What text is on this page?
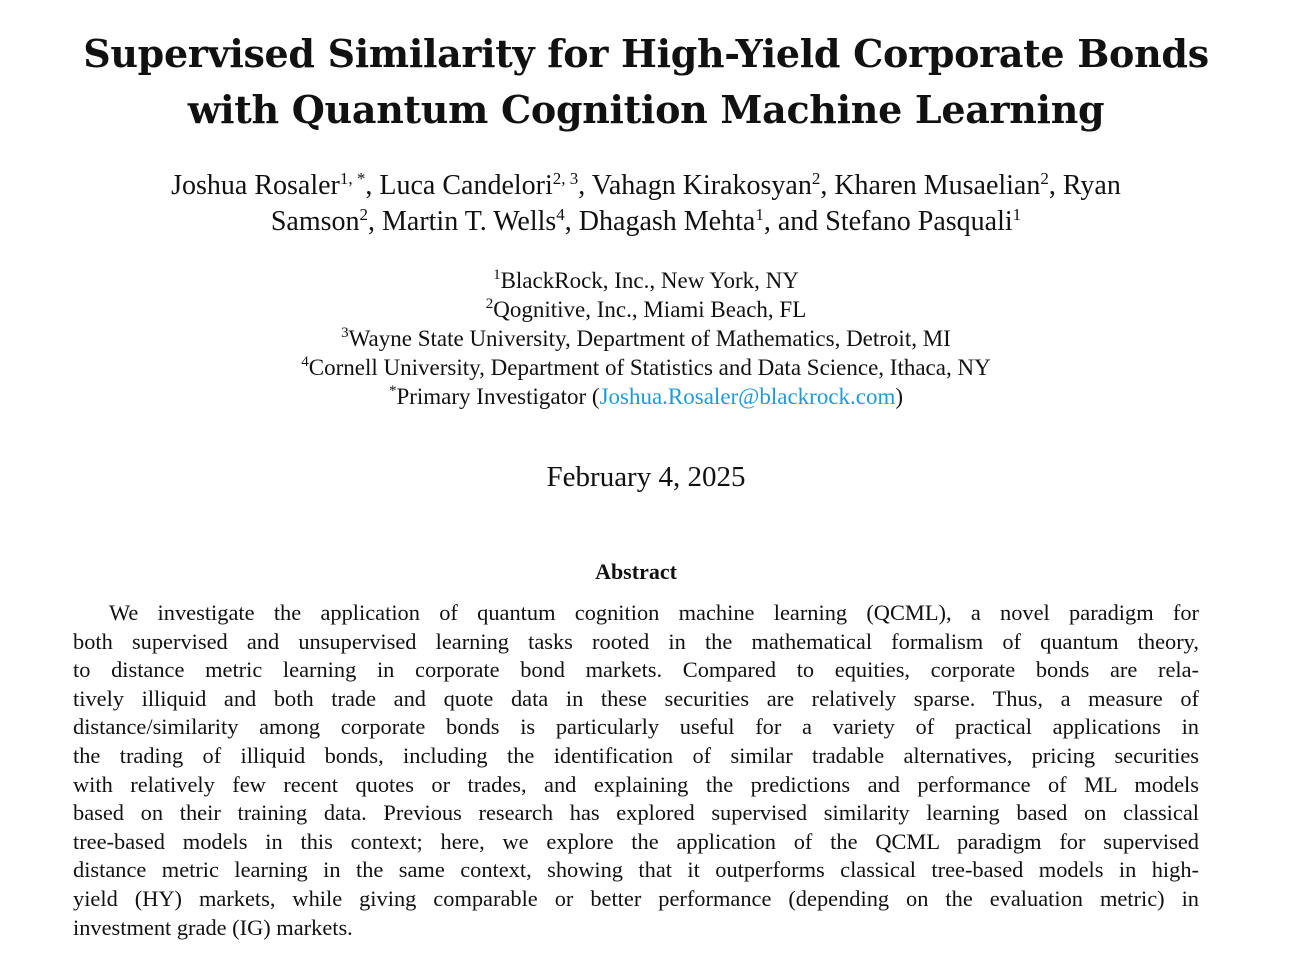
Supervised Similarity for High-Yield Corporate Bonds
with Quantum Cognition Machine Learning
Joshua Rosaler$^{1, *}$, Luca Candelori$^{2, 3}$, Vahagn Kirakosyan$^2$, Kharen Musaelian$^2$, Ryan
Samson$^2$, Martin T. Wells$^4$, Dhagash Mehta$^1$, and Stefano Pasquali$^1$
$^1$BlackRock, Inc., New York, NY
$^2$Qognitive, Inc., Miami Beach, FL
$^3$Wayne State University, Department of Mathematics, Detroit, MI
$^4$Cornell University, Department of Statistics and Data Science, Ithaca, NY
*Primary Investigator (Joshua.Rosaler@blackrock.com)
February 4, 2025
Abstract
We investigate the application of quantum cognition machine learning (QCML), a novel paradigm for
both supervised and unsupervised learning tasks rooted in the mathematical formalism of quantum theory,
to distance metric learning in corporate bond markets. Compared to equities, corporate bonds are rela-
tively illiquid and both trade and quote data in these securities are relatively sparse. Thus, a measure of
distance/similarity among corporate bonds is particularly useful for a variety of practical applications in
the trading of illiquid bonds, including the identification of similar tradable alternatives, pricing securities
with relatively few recent quotes or trades, and explaining the predictions and performance of ML models
based on their training data. Previous research has explored supervised similarity learning based on classical
tree-based models in this context; here, we explore the application of the QCML paradigm for supervised
distance metric learning in the same context, showing that it outperforms classical tree-based models in high-
yield (HY) markets, while giving comparable or better performance (depending on the evaluation metric) in
investment grade (IG) markets.
